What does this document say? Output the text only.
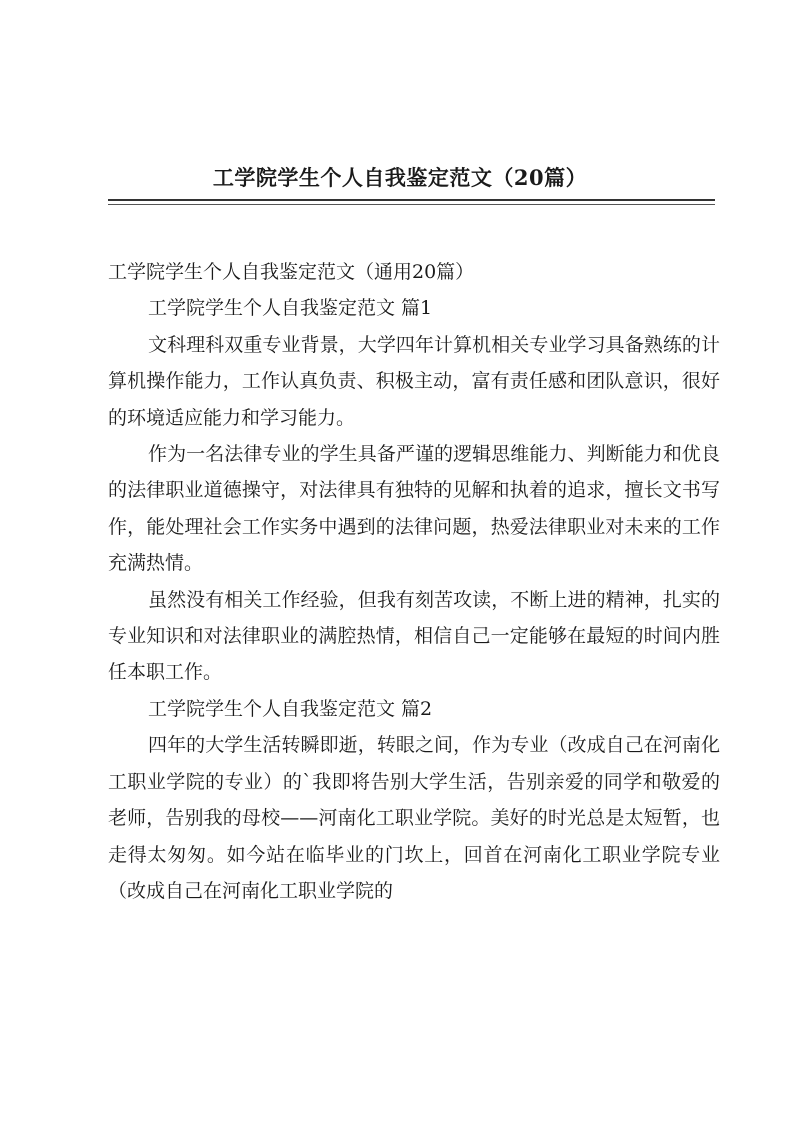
工学院学生个人自我鉴定范文（20篇）

工学院学生个人自我鉴定范文（通用20篇）

工学院学生个人自我鉴定范文 篇1

文科理科双重专业背景，大学四年计算机相关专业学习具备熟练的计算机操作能力，工作认真负责、积极主动，富有责任感和团队意识，很好的环境适应能力和学习能力。

作为一名法律专业的学生具备严谨的逻辑思维能力、判断能力和优良的法律职业道德操守，对法律具有独特的见解和执着的追求，擅长文书写作，能处理社会工作实务中遇到的法律问题，热爱法律职业对未来的工作充满热情。

虽然没有相关工作经验，但我有刻苦攻读，不断上进的精神，扎实的专业知识和对法律职业的满腔热情，相信自己一定能够在最短的时间内胜任本职工作。

工学院学生个人自我鉴定范文 篇2

四年的大学生活转瞬即逝，转眼之间，作为专业（改成自己在河南化工职业学院的专业）的`我即将告别大学生活，告别亲爱的同学和敬爱的老师，告别我的母校——河南化工职业学院。美好的时光总是太短暂，也走得太匆匆。如今站在临毕业的门坎上，回首在河南化工职业学院专业（改成自己在河南化工职业学院的
